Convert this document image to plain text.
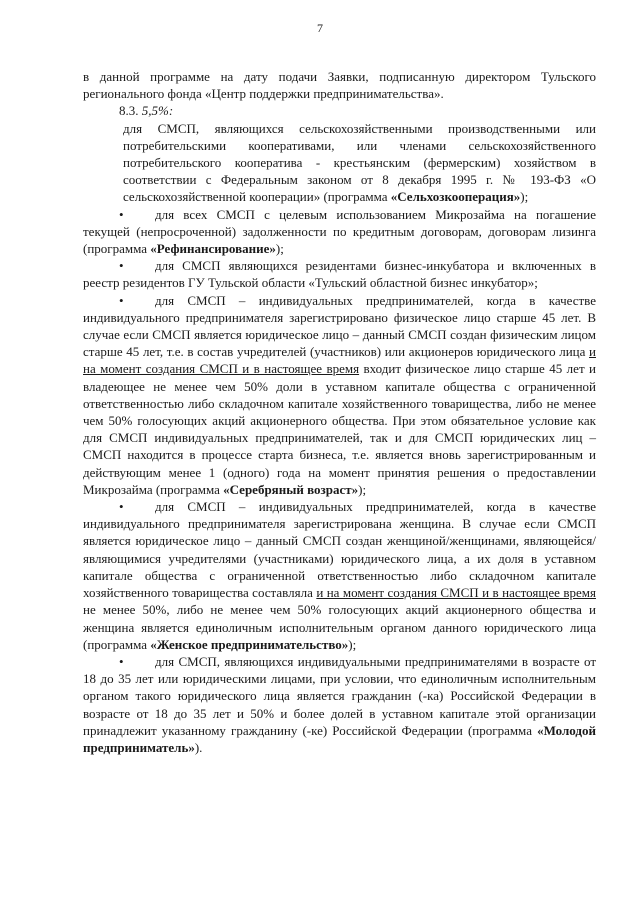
7

в данной программе на дату подачи Заявки, подписанную директором Тульского регионального фонда «Центр поддержки предпринимательства».

8.3. 5,5%:

для СМСП, являющихся сельскохозяйственными производственными или потребительскими кооперативами, или членами сельскохозяйственного потребительского кооператива - крестьянским (фермерским) хозяйством в соответствии с Федеральным законом от 8 декабря 1995 г. № 193-ФЗ «О сельскохозяйственной кооперации» (программа «Сельхозкооперация»);

• для всех СМСП с целевым использованием Микрозайма на погашение текущей (непросроченной) задолженности по кредитным договорам, договорам лизинга (программа «Рефинансирование»);

• для СМСП являющихся резидентами бизнес-инкубатора и включенных в реестр резидентов ГУ Тульской области «Тульский областной бизнес инкубатор»;

• для СМСП – индивидуальных предпринимателей, когда в качестве индивидуального предпринимателя зарегистрировано физическое лицо старше 45 лет. В случае если СМСП является юридическое лицо – данный СМСП создан физическим лицом старше 45 лет, т.е. в состав учредителей (участников) или акционеров юридического лица и на момент создания СМСП и в настоящее время входит физическое лицо старше 45 лет и владеющее не менее чем 50% доли в уставном капитале общества с ограниченной ответственностью либо складочном капитале хозяйственного товарищества, либо не менее чем 50% голосующих акций акционерного общества. При этом обязательное условие как для СМСП индивидуальных предпринимателей, так и для СМСП юридических лиц – СМСП находится в процессе старта бизнеса, т.е. является вновь зарегистрированным и действующим менее 1 (одного) года на момент принятия решения о предоставлении Микрозайма (программа «Серебряный возраст»);

• для СМСП – индивидуальных предпринимателей, когда в качестве индивидуального предпринимателя зарегистрирована женщина. В случае если СМСП является юридическое лицо – данный СМСП создан женщиной/женщинами, являющейся/являющимися учредителями (участниками) юридического лица, а их доля в уставном капитале общества с ограниченной ответственностью либо складочном капитале хозяйственного товарищества составляла и на момент создания СМСП и в настоящее время не менее 50%, либо не менее чем 50% голосующих акций акционерного общества и женщина является единоличным исполнительным органом данного юридического лица (программа «Женское предпринимательство»);

• для СМСП, являющихся индивидуальными предпринимателями в возрасте от 18 до 35 лет или юридическими лицами, при условии, что единоличным исполнительным органом такого юридического лица является гражданин (-ка) Российской Федерации в возрасте от 18 до 35 лет и 50% и более долей в уставном капитале этой организации принадлежит указанному гражданину (-ке) Российской Федерации (программа «Молодой предприниматель»).
